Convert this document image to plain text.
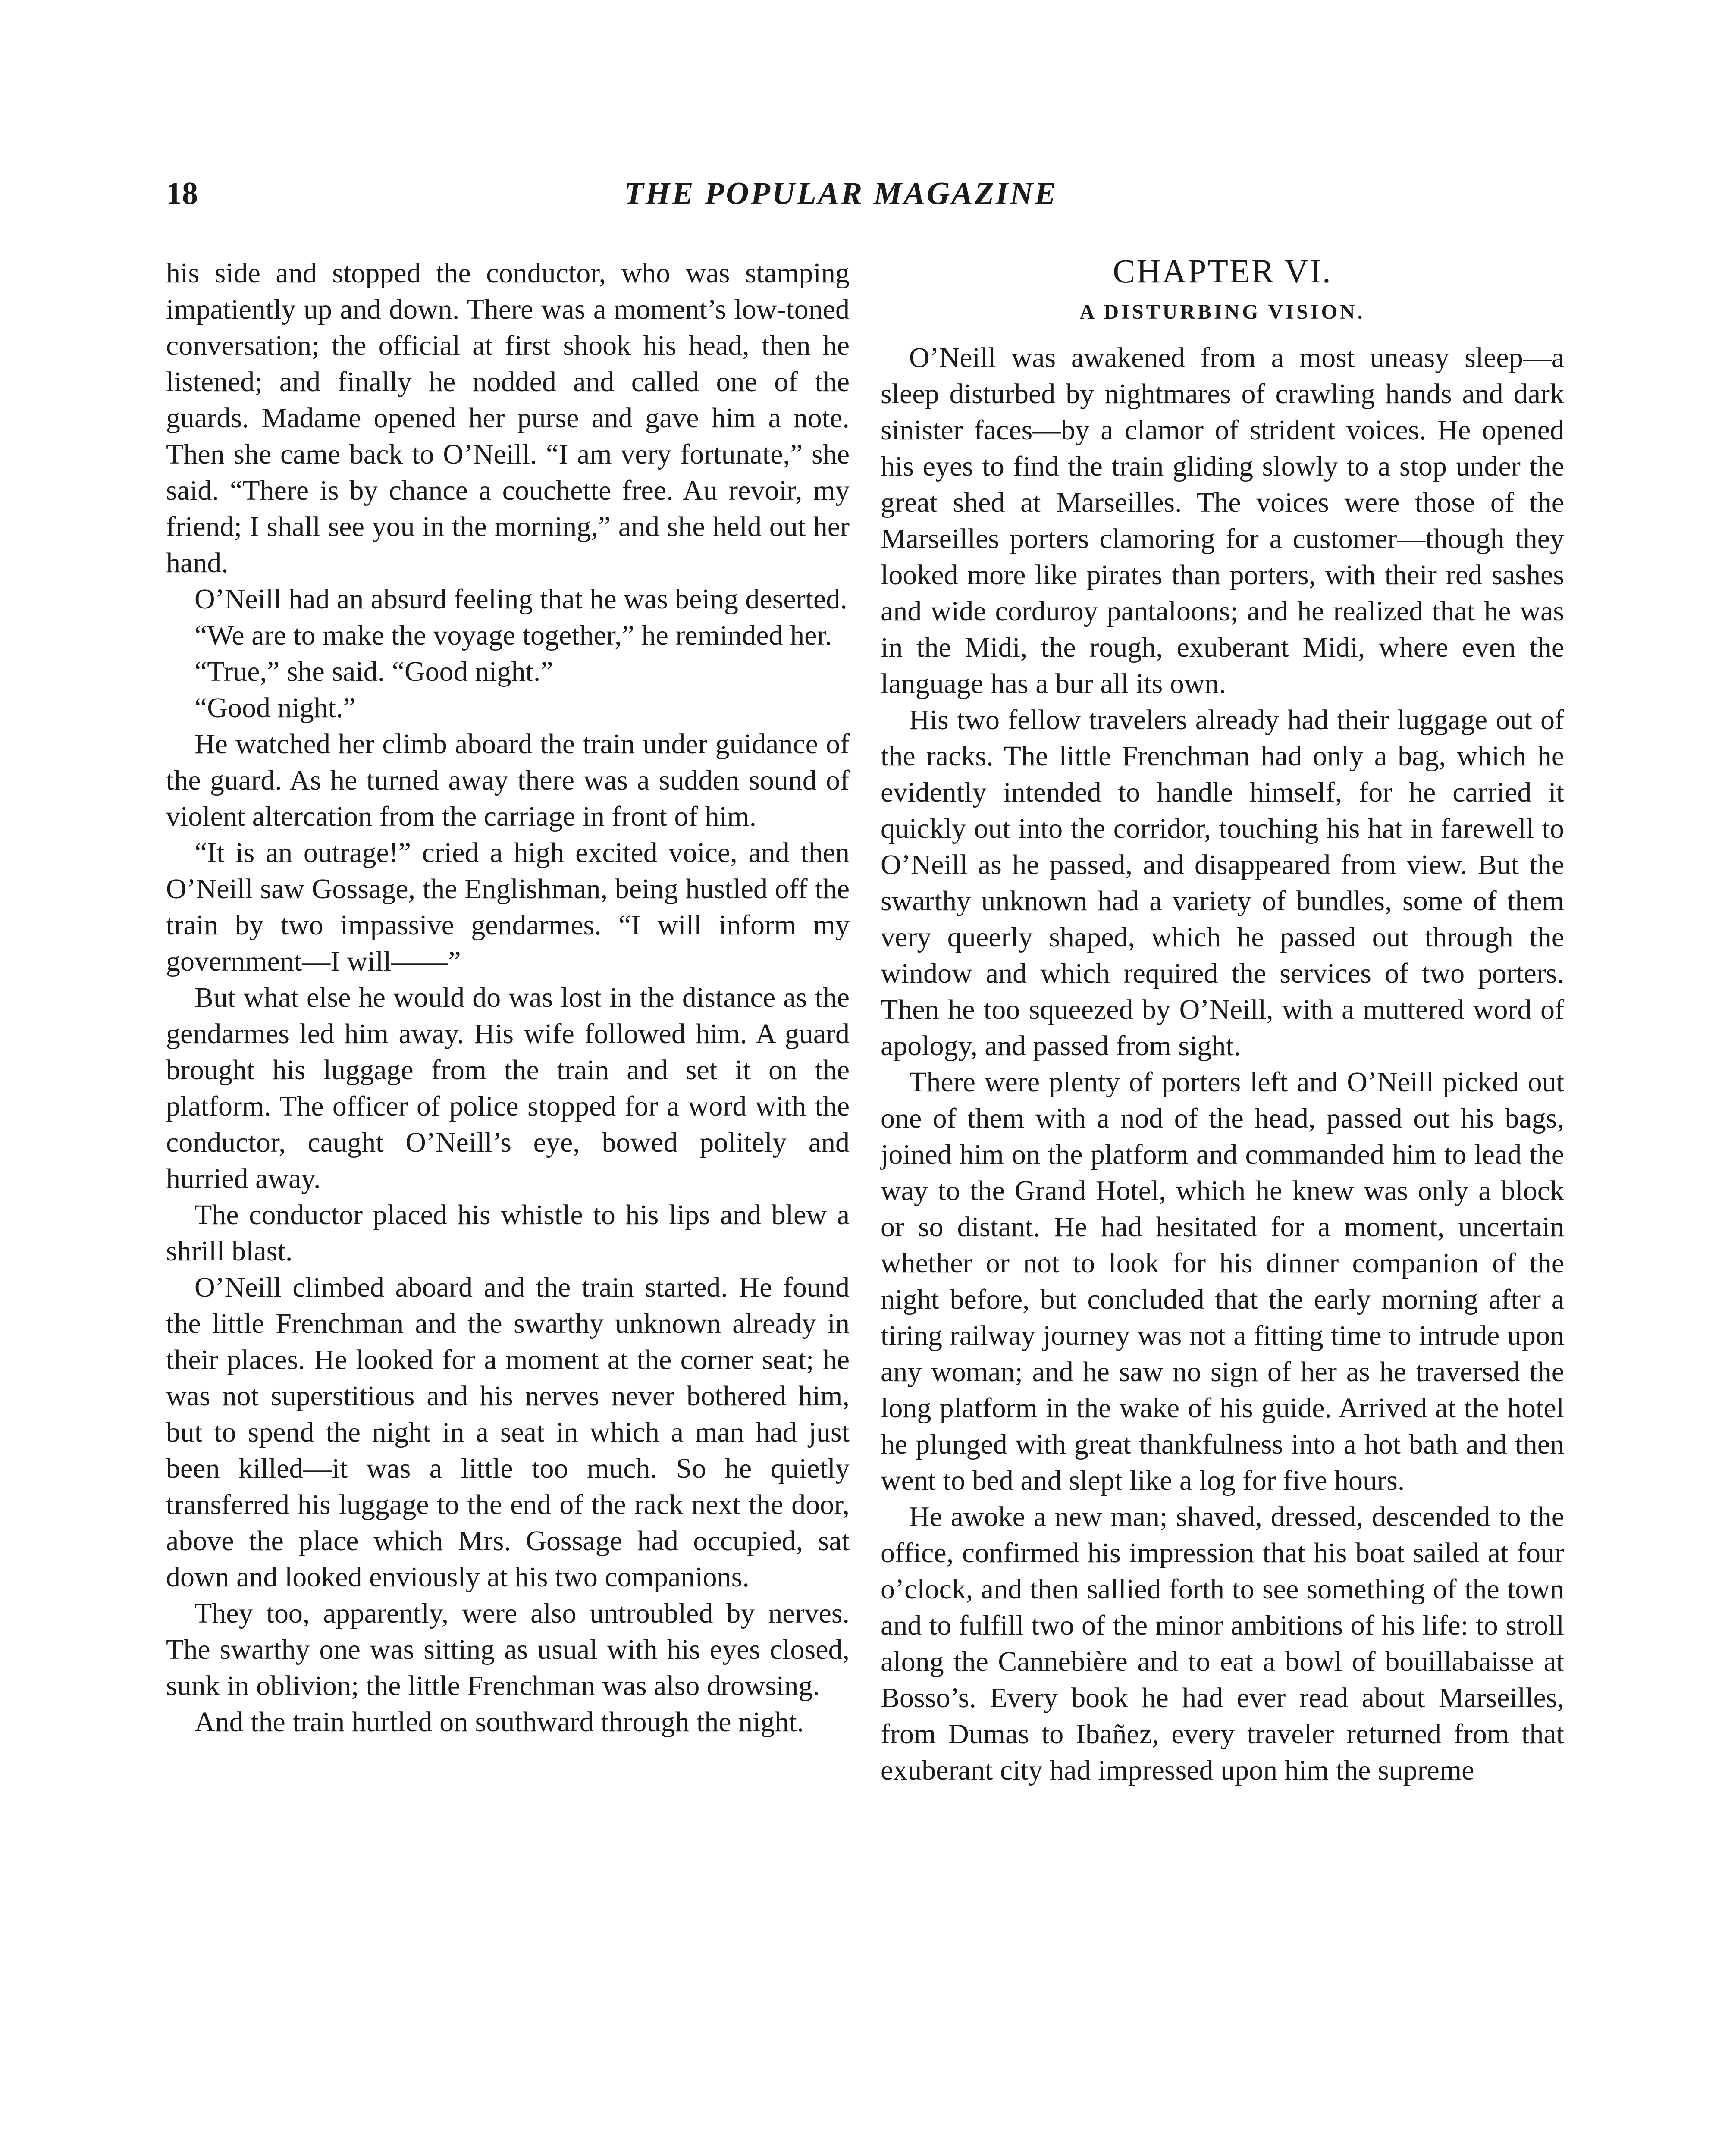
18	THE POPULAR MAGAZINE

his side and stopped the conductor, who was stamping impatiently up and down. There was a moment’s low-toned conversation; the official at first shook his head, then he listened; and finally he nodded and called one of the guards. Madame opened her purse and gave him a note. Then she came back to O’Neill. “I am very fortunate,” she said. “There is by chance a couchette free. Au revoir, my friend; I shall see you in the morning,” and she held out her hand.

O’Neill had an absurd feeling that he was being deserted.

“We are to make the voyage together,” he reminded her.

“True,” she said. “Good night.”

“Good night.”

He watched her climb aboard the train under guidance of the guard. As he turned away there was a sudden sound of violent altercation from the carriage in front of him.

“It is an outrage!” cried a high excited voice, and then O’Neill saw Gossage, the Englishman, being hustled off the train by two impassive gendarmes. “I will inform my government—I will——”

But what else he would do was lost in the distance as the gendarmes led him away. His wife followed him. A guard brought his luggage from the train and set it on the platform. The officer of police stopped for a word with the conductor, caught O’Neill’s eye, bowed politely and hurried away.

The conductor placed his whistle to his lips and blew a shrill blast.

O’Neill climbed aboard and the train started. He found the little Frenchman and the swarthy unknown already in their places. He looked for a moment at the corner seat; he was not superstitious and his nerves never bothered him, but to spend the night in a seat in which a man had just been killed—it was a little too much. So he quietly transferred his luggage to the end of the rack next the door, above the place which Mrs. Gossage had occupied, sat down and looked enviously at his two companions.

They too, apparently, were also untroubled by nerves. The swarthy one was sitting as usual with his eyes closed, sunk in oblivion; the little Frenchman was also drowsing.

And the train hurtled on southward through the night.

CHAPTER VI.
A DISTURBING VISION.

O’Neill was awakened from a most uneasy sleep—a sleep disturbed by nightmares of crawling hands and dark sinister faces—by a clamor of strident voices. He opened his eyes to find the train gliding slowly to a stop under the great shed at Marseilles. The voices were those of the Marseilles porters clamoring for a customer—though they looked more like pirates than porters, with their red sashes and wide corduroy pantaloons; and he realized that he was in the Midi, the rough, exuberant Midi, where even the language has a bur all its own.

His two fellow travelers already had their luggage out of the racks. The little Frenchman had only a bag, which he evidently intended to handle himself, for he carried it quickly out into the corridor, touching his hat in farewell to O’Neill as he passed, and disappeared from view. But the swarthy unknown had a variety of bundles, some of them very queerly shaped, which he passed out through the window and which required the services of two porters. Then he too squeezed by O’Neill, with a muttered word of apology, and passed from sight.

There were plenty of porters left and O’Neill picked out one of them with a nod of the head, passed out his bags, joined him on the platform and commanded him to lead the way to the Grand Hotel, which he knew was only a block or so distant. He had hesitated for a moment, uncertain whether or not to look for his dinner companion of the night before, but concluded that the early morning after a tiring railway journey was not a fitting time to intrude upon any woman; and he saw no sign of her as he traversed the long platform in the wake of his guide. Arrived at the hotel he plunged with great thankfulness into a hot bath and then went to bed and slept like a log for five hours.

He awoke a new man; shaved, dressed, descended to the office, confirmed his impression that his boat sailed at four o’clock, and then sallied forth to see something of the town and to fulfill two of the minor ambitions of his life: to stroll along the Cannebière and to eat a bowl of bouillabaisse at Bosso’s. Every book he had ever read about Marseilles, from Dumas to Ibañez, every traveler returned from that exuberant city had impressed upon him the supreme
